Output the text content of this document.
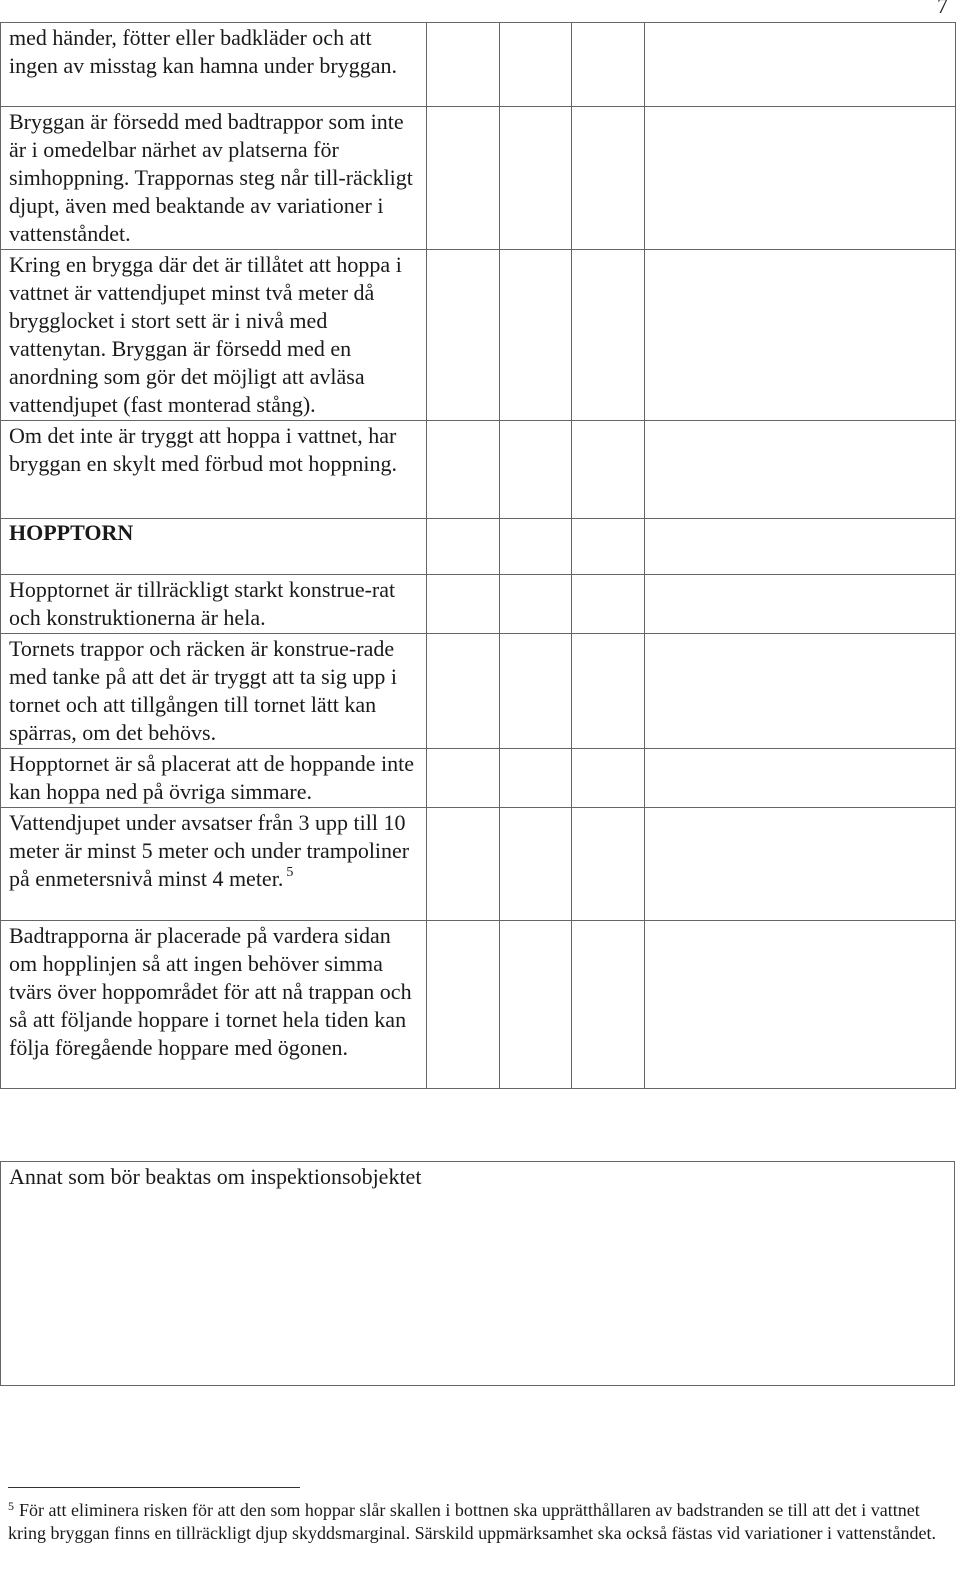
7
med händer, fötter eller badkläder och att ingen av misstag kan hamna under bryggan.				
Bryggan är försedd med badtrappor som inte är i omedelbar närhet av platserna för simhoppning. Trappornas steg når till-räckligt djupt, även med beaktande av variationer i vattenståndet.				
Kring en brygga där det är tillåtet att hoppa i vattnet är vattendjupet minst två meter då brygglocket i stort sett är i nivå med vattenytan. Bryggan är försedd med en anordning som gör det möjligt att avläsa vattendjupet (fast monterad stång).				
Om det inte är tryggt att hoppa i vattnet, har bryggan en skylt med förbud mot hoppning.				
HOPPTORN				
Hopptornet är tillräckligt starkt konstrue-rat och konstruktionerna är hela.				
Tornets trappor och räcken är konstrue-rade med tanke på att det är tryggt att ta sig upp i tornet och att tillgången till tornet lätt kan spärras, om det behövs.				
Hopptornet är så placerat att de hoppande inte kan hoppa ned på övriga simmare.				
Vattendjupet under avsatser från 3 upp till 10 meter är minst 5 meter och under trampoliner på enmetersnivå minst 4 meter. $^5$				
Badtrapporna är placerade på vardera sidan om hopplinjen så att ingen behöver simma tvärs över hoppområdet för att nå trappan och så att följande hoppare i tornet hela tiden kan följa föregående hoppare med ögonen.				
Annat som bör beaktas om inspektionsobjektet
$^5$ För att eliminera risken för att den som hoppar slår skallen i bottnen ska upprätthållaren av badstranden se till att det i vattnet kring bryggan finns en tillräckligt djup skyddsmarginal. Särskild uppmärksamhet ska också fästas vid variationer i vattenståndet.
